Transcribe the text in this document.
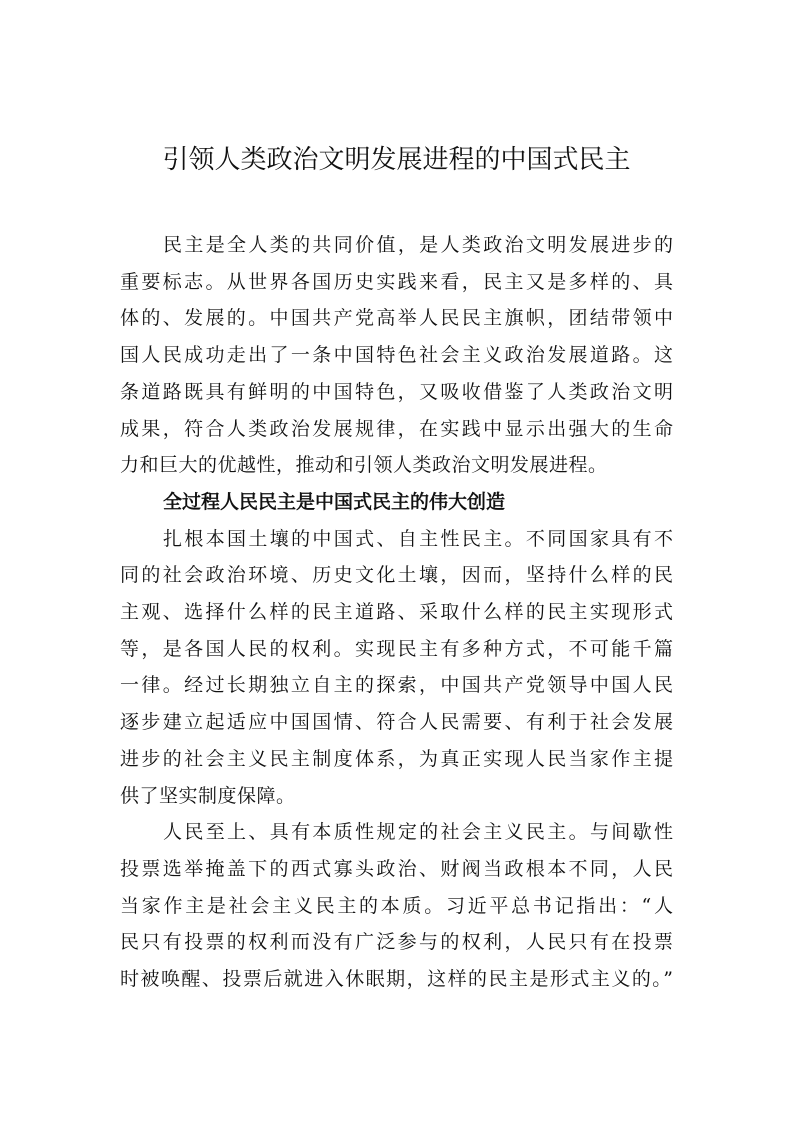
引领人类政治文明发展进程的中国式民主
民主是全人类的共同价值，是人类政治文明发展进步的
重要标志。从世界各国历史实践来看，民主又是多样的、具
体的、发展的。中国共产党高举人民民主旗帜，团结带领中
国人民成功走出了一条中国特色社会主义政治发展道路。这
条道路既具有鲜明的中国特色，又吸收借鉴了人类政治文明
成果，符合人类政治发展规律，在实践中显示出强大的生命
力和巨大的优越性，推动和引领人类政治文明发展进程。
全过程人民民主是中国式民主的伟大创造
扎根本国土壤的中国式、自主性民主。不同国家具有不
同的社会政治环境、历史文化土壤，因而，坚持什么样的民
主观、选择什么样的民主道路、采取什么样的民主实现形式
等，是各国人民的权利。实现民主有多种方式，不可能千篇
一律。经过长期独立自主的探索，中国共产党领导中国人民
逐步建立起适应中国国情、符合人民需要、有利于社会发展
进步的社会主义民主制度体系，为真正实现人民当家作主提
供了坚实制度保障。
人民至上、具有本质性规定的社会主义民主。与间歇性
投票选举掩盖下的西式寡头政治、财阀当政根本不同，人民
当家作主是社会主义民主的本质。习近平总书记指出：“人
民只有投票的权利而没有广泛参与的权利，人民只有在投票
时被唤醒、投票后就进入休眠期，这样的民主是形式主义的。”
